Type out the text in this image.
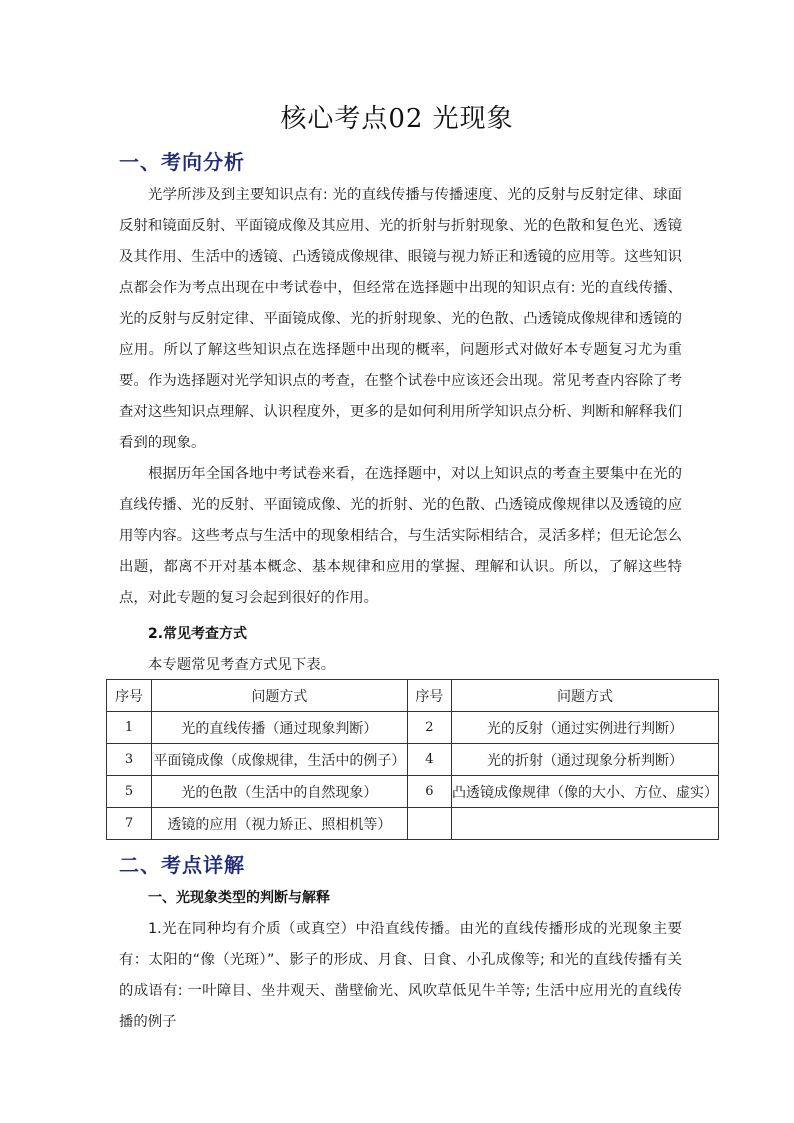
核心考点02 光现象
一、考向分析
光学所涉及到主要知识点有: 光的直线传播与传播速度、光的反射与反射定律、球面反射和镜面反射、平面镜成像及其应用、光的折射与折射现象、光的色散和复色光、透镜及其作用、生活中的透镜、凸透镜成像规律、眼镜与视力矫正和透镜的应用等。这些知识点都会作为考点出现在中考试卷中，但经常在选择题中出现的知识点有: 光的直线传播、光的反射与反射定律、平面镜成像、光的折射现象、光的色散、凸透镜成像规律和透镜的应用。所以了解这些知识点在选择题中出现的概率，问题形式对做好本专题复习尤为重要。 作为选择题对光学知识点的考查，在整个试卷中应该还会出现。常见考查内容除了考查对这些知识点理解、认识程度外，更多的是如何利用所学知识点分析、判断和解释我们看到的现象。
根据历年全国各地中考试卷来看，在选择题中，对以上知识点的考查主要集中在光的直线传播、光的反射、平面镜成像、光的折射、光的色散、凸透镜成像规律以及透镜的应用等内容。这些考点与生活中的现象相结合，与生活实际相结合，灵活多样；但无论怎么出题，都离不开对基本概念、基本规律和应用的掌握、理解和认识。所以，了解这些特点，对此专题的复习会起到很好的作用。
2.常见考查方式
本专题常见考查方式见下表。
序号	问题方式	序号	问题方式
1	光的直线传播（通过现象判断）	2	光的反射（通过实例进行判断）
3	平面镜成像（成像规律，生活中的例子）	4	光的折射（通过现象分析判断）
5	光的色散（生活中的自然现象）	6	凸透镜成像规律（像的大小、方位、虚实）
7	透镜的应用（视力矫正、照相机等）		
二、考点详解
一、光现象类型的判断与解释
1.光在同种均有介质（或真空）中沿直线传播。由光的直线传播形成的光现象主要有：太阳的“像（光斑）”、影子的形成、月食、日食、小孔成像等; 和光的直线传播有关的成语有: 一叶障目、坐井观天、凿壁偷光、风吹草低见牛羊等; 生活中应用光的直线传播的例子
